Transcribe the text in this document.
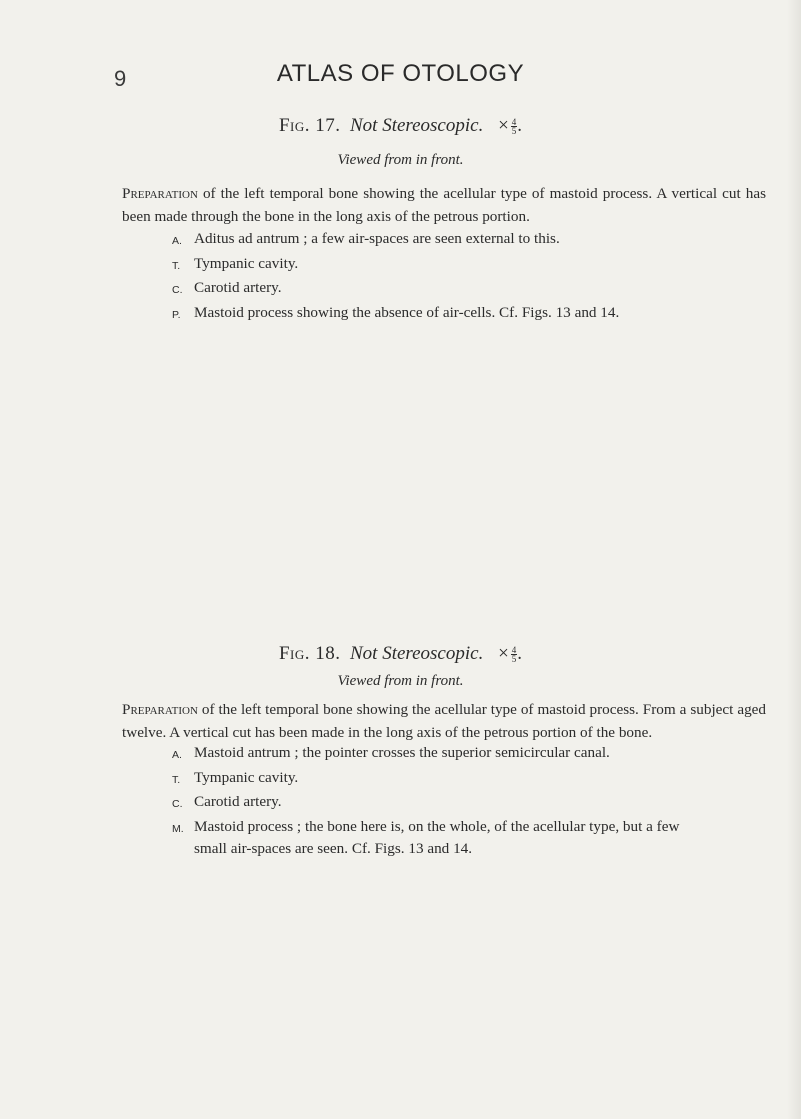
9	ATLAS OF OTOLOGY
Fig. 17. Not Stereoscopic. × $\frac{4}{5}$ .
Viewed from in front.
Preparation of the left temporal bone showing the acellular type of mastoid process. A vertical cut has been made through the bone in the long axis of the petrous portion.
A. Aditus ad antrum ; a few air-spaces are seen external to this.
T. Tympanic cavity.
C. Carotid artery.
P. Mastoid process showing the absence of air-cells. Cf. Figs. 13 and 14.
Fig. 18. Not Stereoscopic. × $\frac{4}{5}$ .
Viewed from in front.
Preparation of the left temporal bone showing the acellular type of mastoid process. From a subject aged twelve. A vertical cut has been made in the long axis of the petrous portion of the bone.
A. Mastoid antrum ; the pointer crosses the superior semicircular canal.
T. Tympanic cavity.
C. Carotid artery.
M. Mastoid process ; the bone here is, on the whole, of the acellular type, but a few small air-spaces are seen. Cf. Figs. 13 and 14.
